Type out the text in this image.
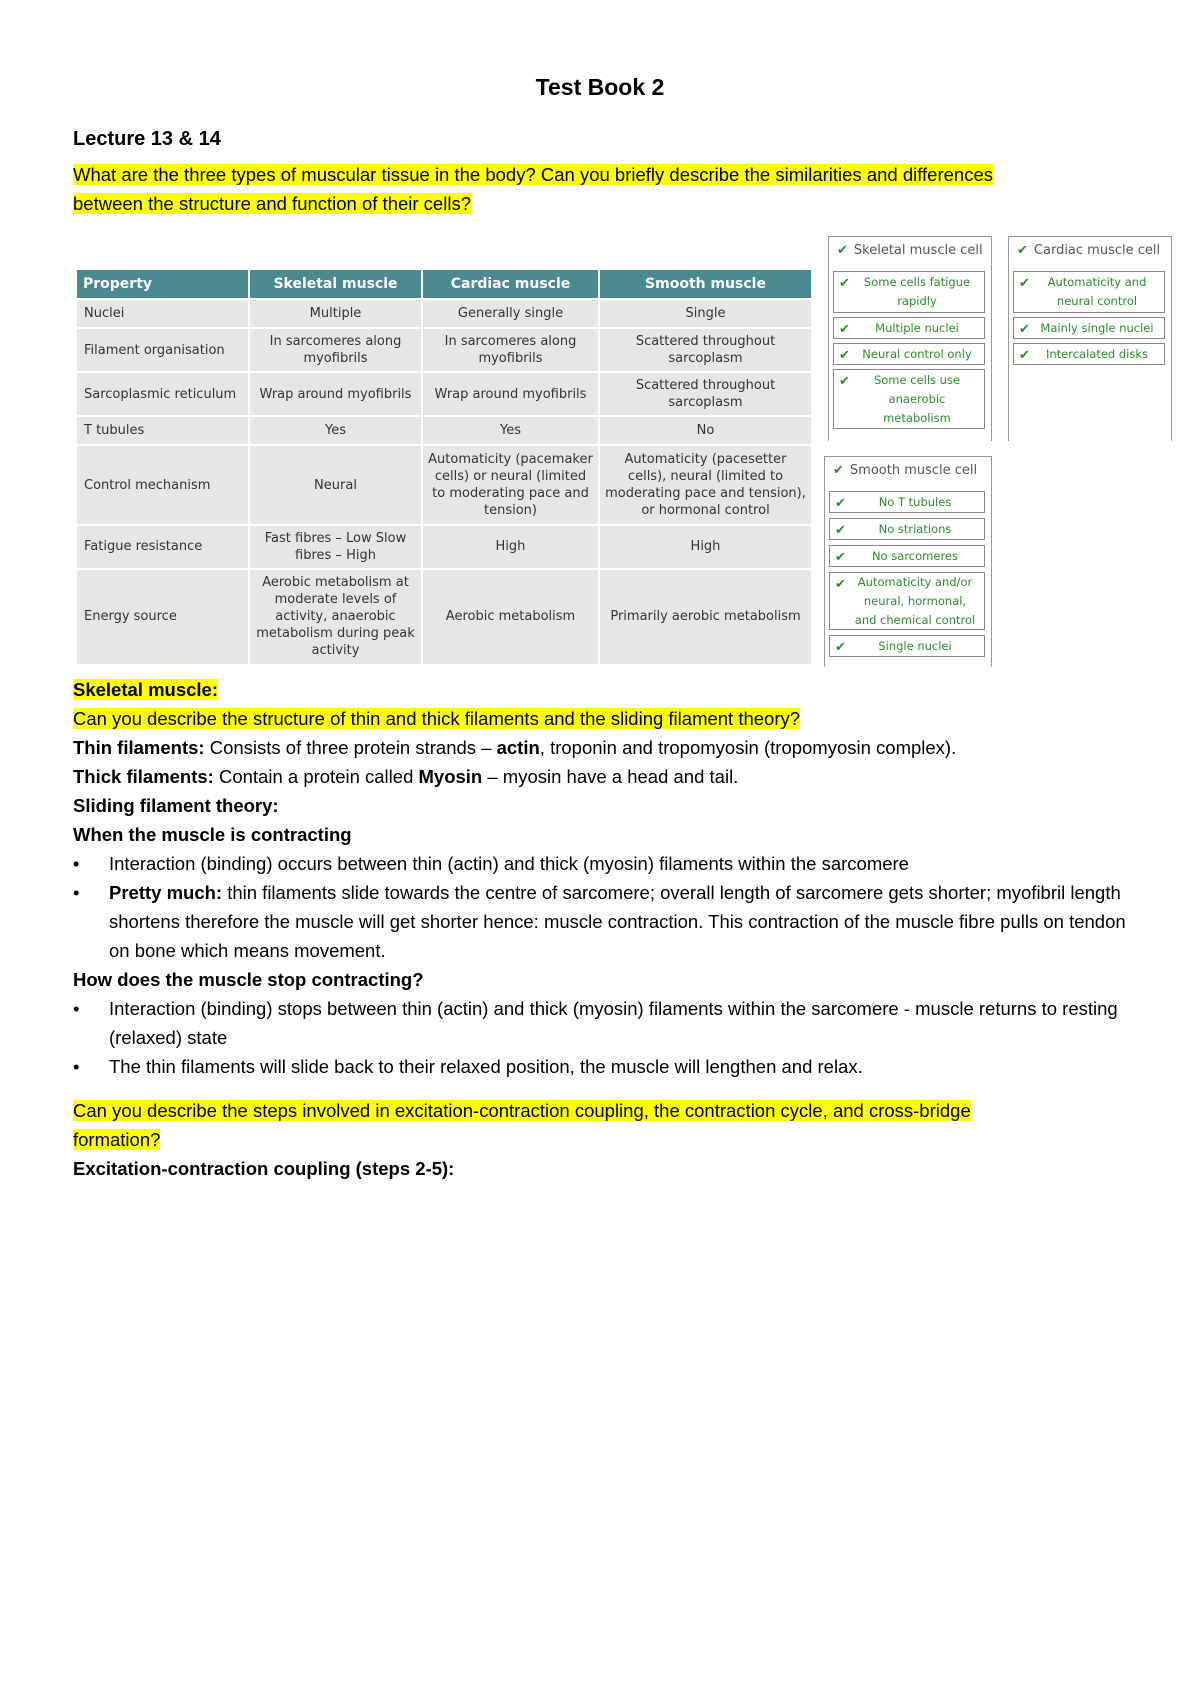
Test Book 2
Lecture 13 & 14
What are the three types of muscular tissue in the body? Can you briefly describe the similarities and differences
between the structure and function of their cells?
Property	Skeletal muscle	Cardiac muscle	Smooth muscle
Nuclei	Multiple	Generally single	Single
Filament organisation	In sarcomeres along myofibrils	In sarcomeres along myofibrils	Scattered throughout sarcoplasm
Sarcoplasmic reticulum	Wrap around myofibrils	Wrap around myofibrils	Scattered throughout sarcoplasm
T tubules	Yes	Yes	No
Control mechanism	Neural	Automaticity (pacemaker cells) or neural (limited to moderating pace and tension)	Automaticity (pacesetter cells), neural (limited to moderating pace and tension), or hormonal control
Fatigue resistance	Fast fibres – Low Slow fibres – High	High	High
Energy source	Aerobic metabolism at moderate levels of activity, anaerobic metabolism during peak activity	Aerobic metabolism	Primarily aerobic metabolism
✔ Skeletal muscle cell
✔	Some cells fatigue rapidly
✔ Multiple nuclei
✔ Neural control only
✔	Some cells use anaerobic metabolism
✔ Cardiac muscle cell
✔	Automaticity and neural control
✔ Mainly single nuclei
✔ Intercalated disks
✔ Smooth muscle cell
✔	No T tubules
✔	No striations
✔ No sarcomeres
✔	Automaticity and/or neural, hormonal, and chemical control
✔	Single nuclei
Skeletal muscle:
Can you describe the structure of thin and thick filaments and the sliding filament theory?
Thin filaments: Consists of three protein strands – actin, troponin and tropomyosin (tropomyosin complex).
Thick filaments: Contain a protein called Myosin – myosin have a head and tail.
Sliding filament theory:
When the muscle is contracting
• Interaction (binding) occurs between thin (actin) and thick (myosin) filaments within the sarcomere
• Pretty much: thin filaments slide towards the centre of sarcomere; overall length of sarcomere gets shorter; myofibril length shortens therefore the muscle will get shorter hence: muscle contraction. This contraction of the muscle fibre pulls on tendon on bone which means movement.
How does the muscle stop contracting?
• Interaction (binding) stops between thin (actin) and thick (myosin) filaments within the sarcomere - muscle returns to resting (relaxed) state
• The thin filaments will slide back to their relaxed position, the muscle will lengthen and relax.
Can you describe the steps involved in excitation-contraction coupling, the contraction cycle, and cross-bridge
formation?
Excitation-contraction coupling (steps 2-5):
